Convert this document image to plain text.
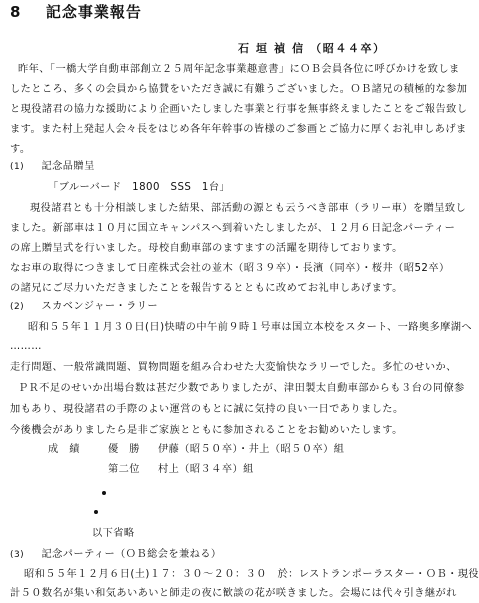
8 記念事業報告
石 垣 禎 信 （昭４４卒）
昨年、「一橋大学自動車部創立２５周年記念事業趣意書」にＯＢ会員各位に呼びかけを致しま
したところ、多くの会員から協賛をいただき誠に有難うございました。ＯＢ諸兄の積極的な参加
と現役諸君の協力な援助により企画いたしました事業と行事を無事終えましたことをご報告致し
ます。また村上発起人会々長をはじめ各年年幹事の皆様のご参画とご協力に厚くお礼申しあげま
す。
(1) 記念品贈呈
「ブルーバード　1800　SSS　1台」
現役諸君とも十分相談しました結果、部活動の源とも云うべき部車（ラリー車）を贈呈致し
ました。新部車は１０月に国立キャンパスへ到着いたしましたが、１２月６日記念パーティー
の席上贈呈式を行いました。母校自動車部のますますの活躍を期待しております。
なお車の取得につきまして日産株式会社の並木（昭３９卒）・長濱（同卒）・桜井（昭52卒）
の諸兄にご尽力いただきましたことを報告するとともに改めてお礼申しあげます。
(2) スカベンジャー・ラリー
昭和５５年１１月３０日(日)快晴の中午前９時１号車は国立本校をスタート、一路奥多摩湖へ
………
走行問題、一般常識問題、買物問題を組み合わせた大変愉快なラリーでした。多忙のせいか、
ＰＲ不足のせいか出場台数は甚だ少数でありましたが、津田製太自動車部からも３台の同僚参
加もあり、現役諸君の手際のよい運営のもとに誠に気持の良い一日でありました。
今後機会がありましたら是非ご家族とともに参加されることをお勧めいたします。
成　績	優　勝 伊藤（昭５０卒）・井上（昭５０卒）組
第二位 村上（昭３４卒）組
以下省略
(3) 記念パーティー（ＯＢ総会を兼ねる）
昭和５５年１２月６日(土)１７：３０〜２０：３０　於：レストランポーラスター・ＯＢ・現役
計５０数名が集い和気あいあいと師走の夜に歓談の花が咲きました。会場には代々引き継がれ
